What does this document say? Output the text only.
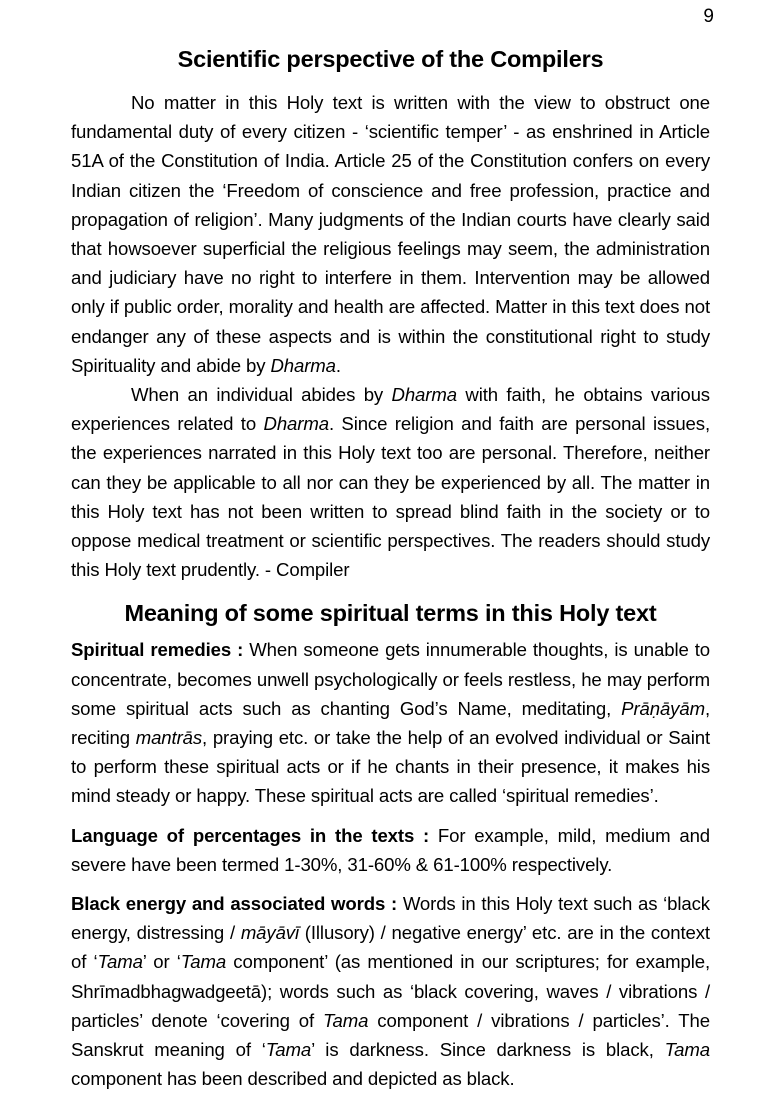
9
Scientific perspective of the Compilers

No matter in this Holy text is written with the view to obstruct one fundamental duty of every citizen - ‘scientific temper’ - as enshrined in Article 51A of the Constitution of India. Article 25 of the Constitution confers on every Indian citizen the ‘Freedom of conscience and free profession, practice and propagation of religion’. Many judgments of the Indian courts have clearly said that howsoever superficial the religious feelings may seem, the administration and judiciary have no right to interfere in them. Intervention may be allowed only if public order, morality and health are affected. Matter in this text does not endanger any of these aspects and is within the constitutional right to study Spirituality and abide by Dharma.

When an individual abides by Dharma with faith, he obtains various experiences related to Dharma. Since religion and faith are personal issues, the experiences narrated in this Holy text too are personal. Therefore, neither can they be applicable to all nor can they be experienced by all. The matter in this Holy text has not been written to spread blind faith in the society or to oppose medical treatment or scientific perspectives. The readers should study this Holy text prudently. - Compiler

Meaning of some spiritual terms in this Holy text

Spiritual remedies : When someone gets innumerable thoughts, is unable to concentrate, becomes unwell psychologically or feels restless, he may perform some spiritual acts such as chanting God’s Name, meditating, Prāṇāyām, reciting mantrās, praying etc. or take the help of an evolved individual or Saint to perform these spiritual acts or if he chants in their presence, it makes his mind steady or happy. These spiritual acts are called ‘spiritual remedies’.

Language of percentages in the texts : For example, mild, medium and severe have been termed 1-30%, 31-60% & 61-100% respectively.

Black energy and associated words : Words in this Holy text such as ‘black energy, distressing / māyāvī (Illusory) / negative energy’ etc. are in the context of ‘Tama’ or ‘Tama component’ (as mentioned in our scriptures; for example, Shrīmadbhagwadgeetā); words such as ‘black covering, waves / vibrations / particles’ denote ‘covering of Tama component / vibrations / particles’. The Sanskrut meaning of ‘Tama’ is darkness. Since darkness is black, Tama component has been described and depicted as black.
